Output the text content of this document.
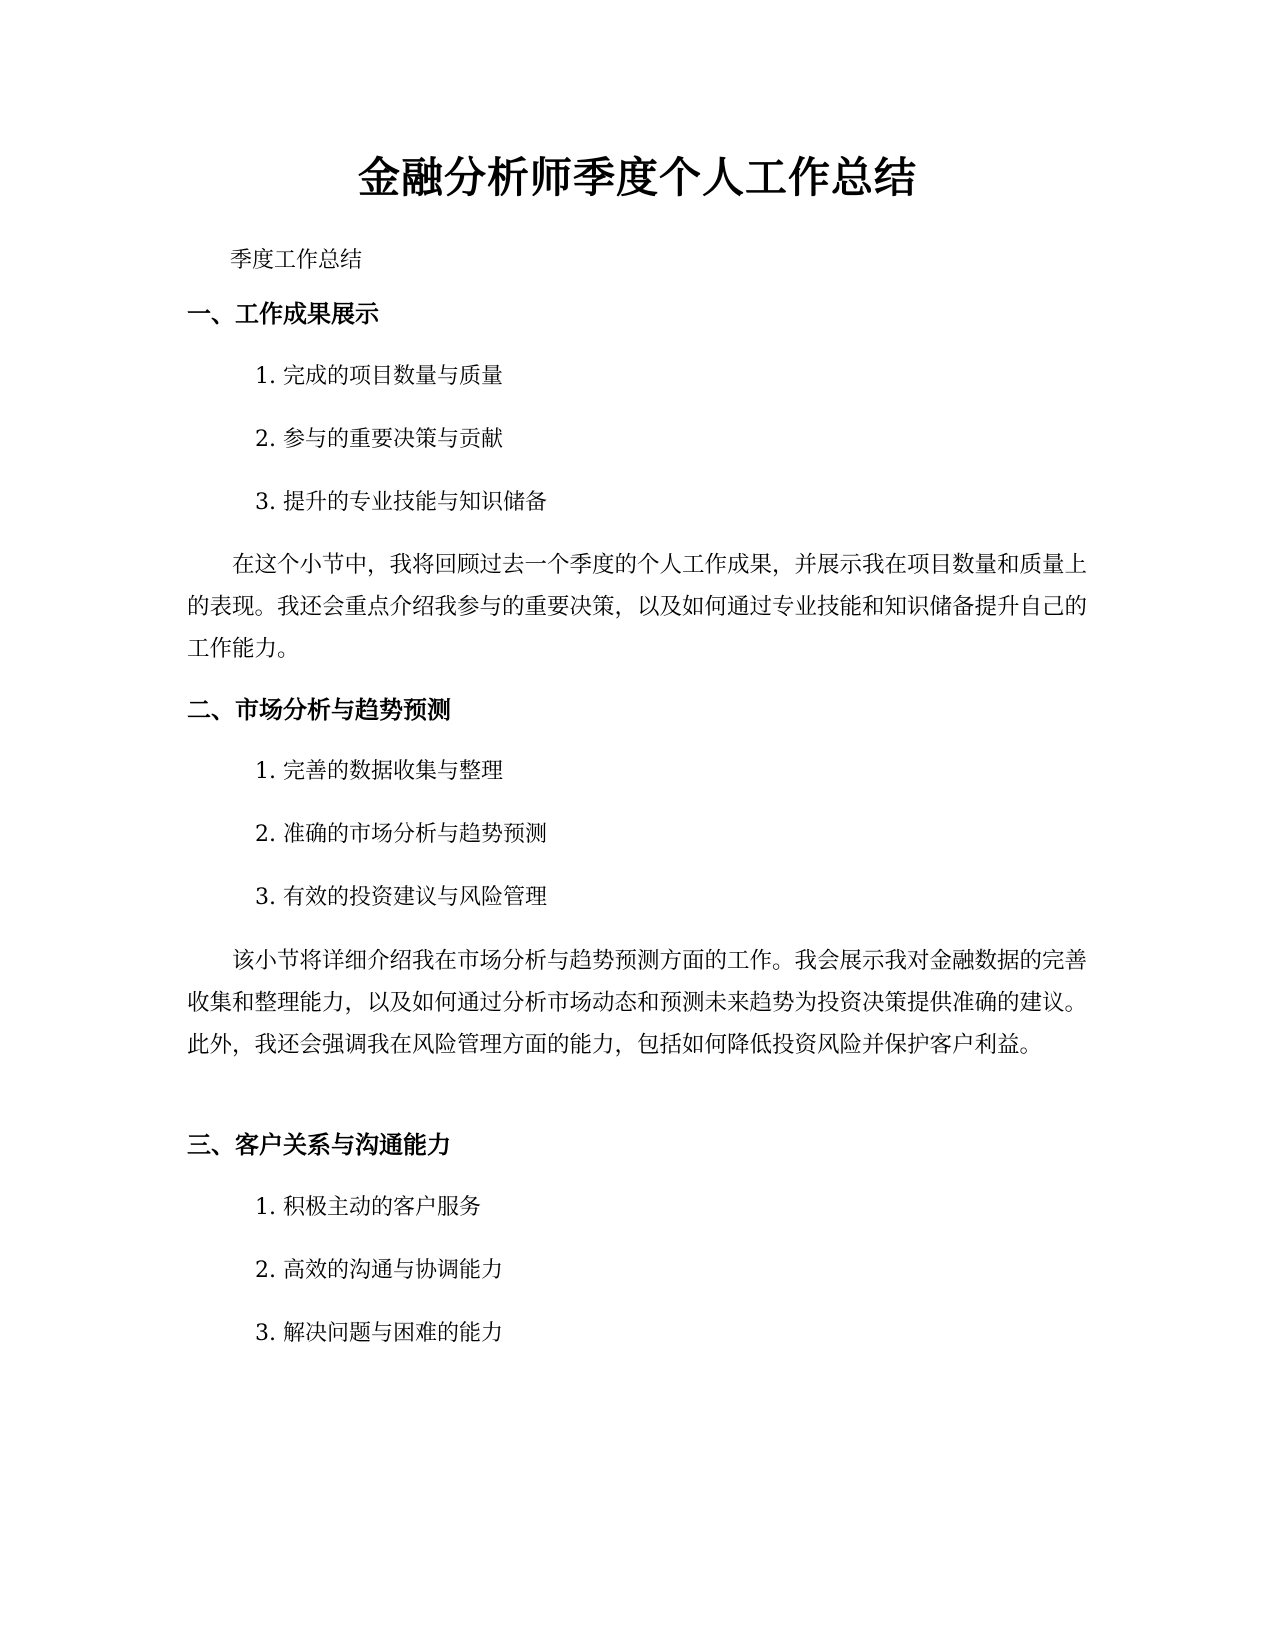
金融分析师季度个人工作总结

季度工作总结

一、工作成果展示
1. 完成的项目数量与质量
2. 参与的重要决策与贡献
3. 提升的专业技能与知识储备

在这个小节中，我将回顾过去一个季度的个人工作成果，并展示我在项目数量和质量上的表现。我还会重点介绍我参与的重要决策，以及如何通过专业技能和知识储备提升自己的工作能力。

二、市场分析与趋势预测
1. 完善的数据收集与整理
2. 准确的市场分析与趋势预测
3. 有效的投资建议与风险管理

该小节将详细介绍我在市场分析与趋势预测方面的工作。我会展示我对金融数据的完善收集和整理能力，以及如何通过分析市场动态和预测未来趋势为投资决策提供准确的建议。此外，我还会强调我在风险管理方面的能力，包括如何降低投资风险并保护客户利益。

三、客户关系与沟通能力
1. 积极主动的客户服务
2. 高效的沟通与协调能力
3. 解决问题与困难的能力
